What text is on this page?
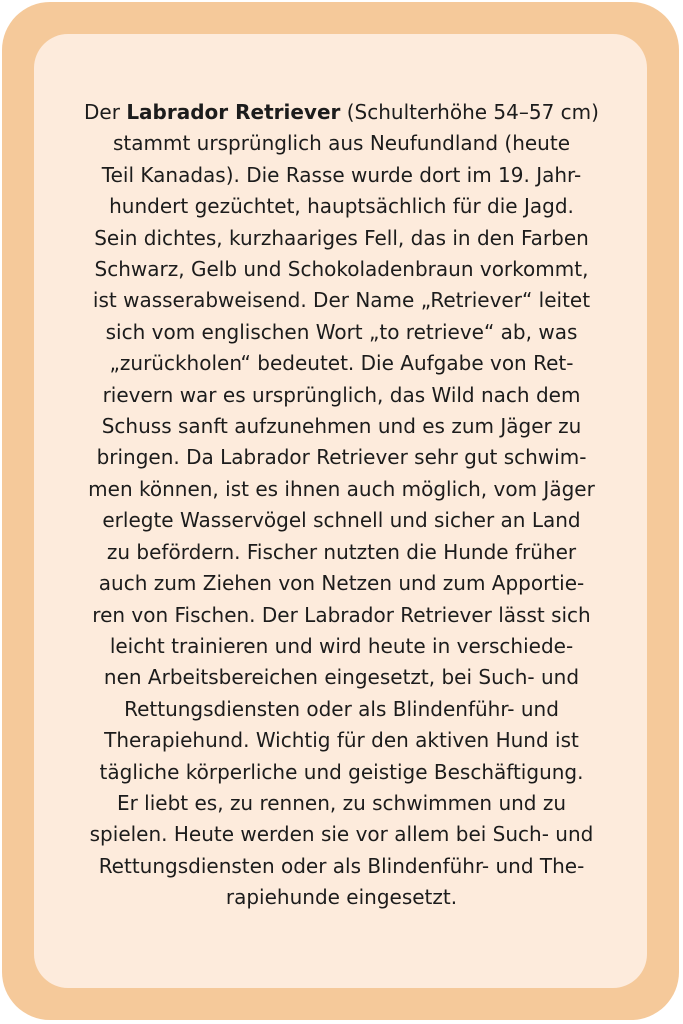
Der Labrador Retriever (Schulterhöhe 54–57 cm)
stammt ursprünglich aus Neufundland (heute
Teil Kanadas). Die Rasse wurde dort im 19. Jahr-
hundert gezüchtet, hauptsächlich für die Jagd.
Sein dichtes, kurzhaariges Fell, das in den Farben
Schwarz, Gelb und Schokoladenbraun vorkommt,
ist wasserabweisend. Der Name „Retriever“ leitet
sich vom englischen Wort „to retrieve“ ab, was
„zurückholen“ bedeutet. Die Aufgabe von Ret-
rievern war es ursprünglich, das Wild nach dem
Schuss sanft aufzunehmen und es zum Jäger zu
bringen. Da Labrador Retriever sehr gut schwim-
men können, ist es ihnen auch möglich, vom Jäger
erlegte Wasservögel schnell und sicher an Land
zu befördern. Fischer nutzten die Hunde früher
auch zum Ziehen von Netzen und zum Apportie-
ren von Fischen. Der Labrador Retriever lässt sich
leicht trainieren und wird heute in verschiede-
nen Arbeitsbereichen eingesetzt, bei Such- und
Rettungsdiensten oder als Blindenführ- und
Therapiehund. Wichtig für den aktiven Hund ist
tägliche körperliche und geistige Beschäftigung.
Er liebt es, zu rennen, zu schwimmen und zu
spielen. Heute werden sie vor allem bei Such- und
Rettungsdiensten oder als Blindenführ- und The-
rapiehunde eingesetzt.
